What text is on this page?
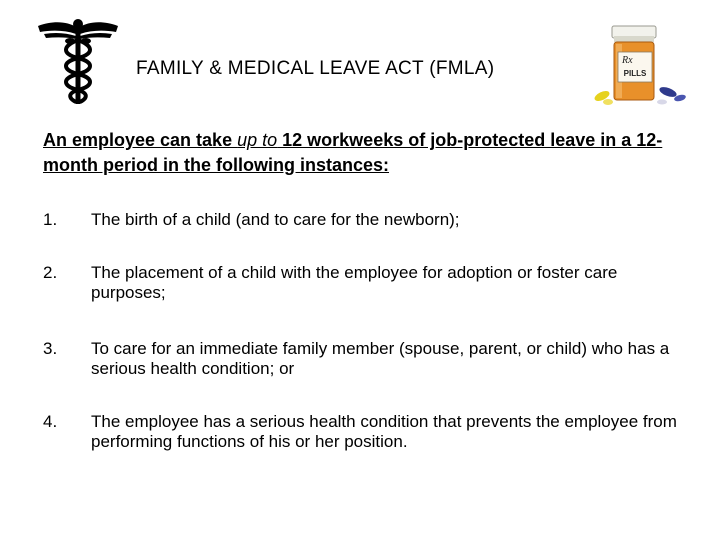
FAMILY & MEDICAL LEAVE ACT (FMLA)	Rx
PILLS
An employee can take up to 12 workweeks of job-protected leave in a 12-month period in the following instances:
1. The birth of a child (and to care for the newborn);
2. The placement of a child with the employee for adoption or foster care purposes;
3. To care for an immediate family member (spouse, parent, or child) who has a serious health condition; or
4. The employee has a serious health condition that prevents the employee from performing functions of his or her position.
